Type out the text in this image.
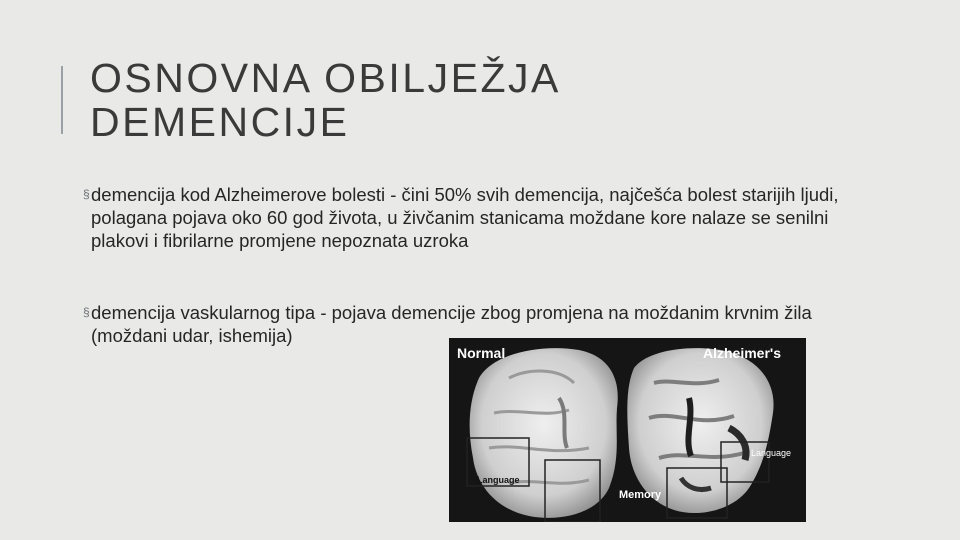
OSNOVNA OBILJEŽJA
DEMENCIJE
§ demencija kod Alzheimerove bolesti - čini 50% svih demencija, najčešća bolest starijih ljudi, polagana pojava oko 60 god života, u živčanim stanicama moždane kore nalaze se senilni plakovi i fibrilarne promjene nepoznata uzroka
§ demencija vaskularnog tipa - pojava demencije zbog promjena na moždanim krvnim žila (moždani udar, ishemija)
Normal	Alzheimer's
Language
Language
Memory
